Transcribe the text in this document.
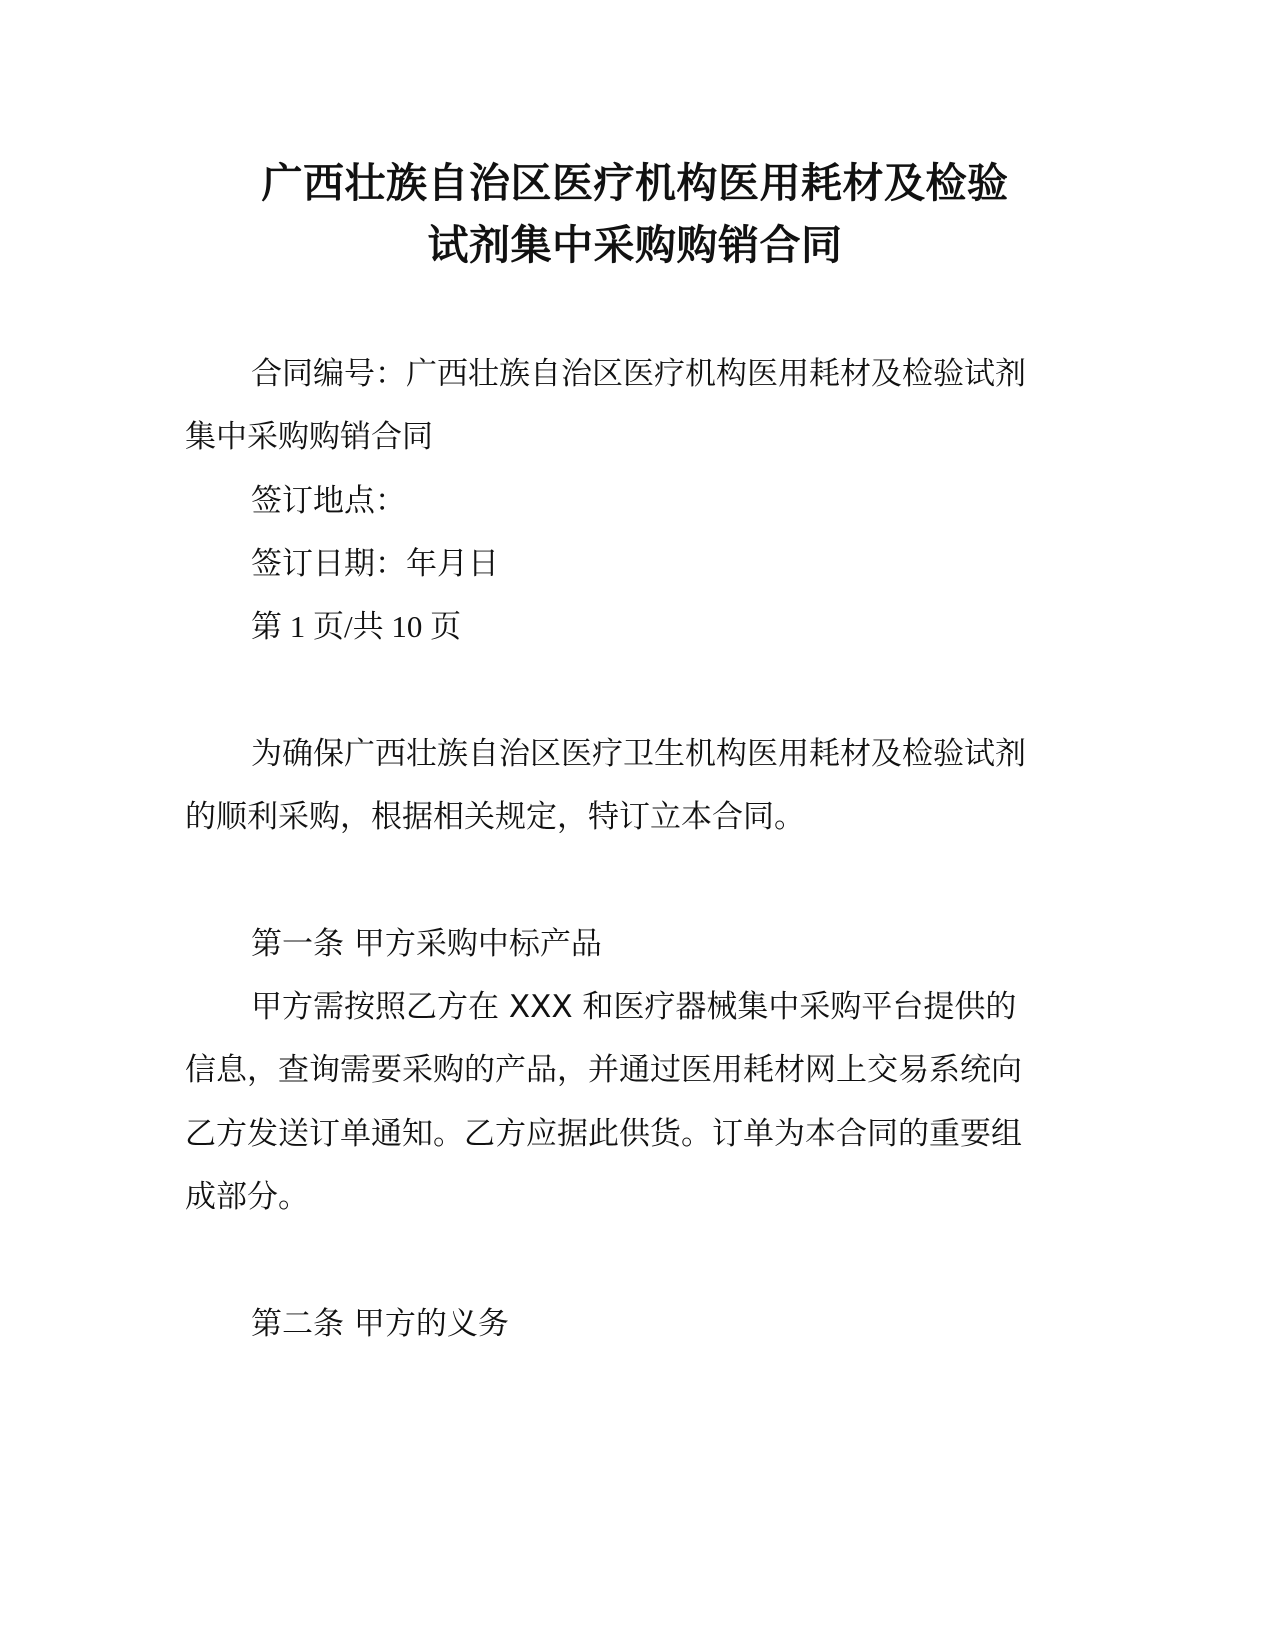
广西壮族自治区医疗机构医用耗材及检验
试剂集中采购购销合同

合同编号：广西壮族自治区医疗机构医用耗材及检验试剂

集中采购购销合同

签订地点：

签订日期：年月日

第 1 页/共 10 页

为确保广西壮族自治区医疗卫生机构医用耗材及检验试剂

的顺利采购，根据相关规定，特订立本合同。

第一条 甲方采购中标产品

甲方需按照乙方在 XXX 和医疗器械集中采购平台提供的

信息，查询需要采购的产品，并通过医用耗材网上交易系统向

乙方发送订单通知。乙方应据此供货。订单为本合同的重要组

成部分。

第二条 甲方的义务
